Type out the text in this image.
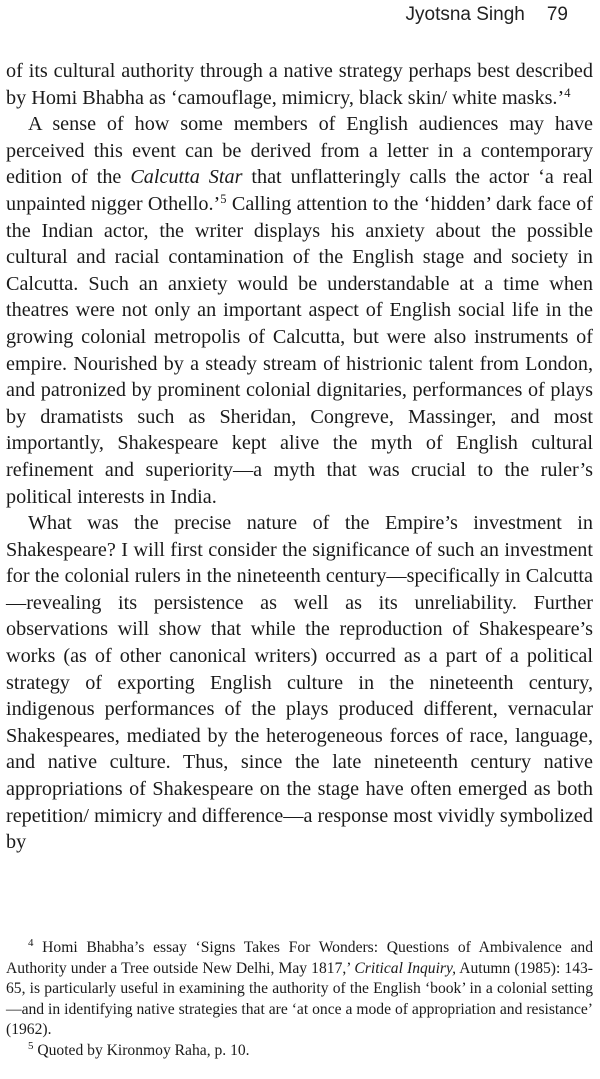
Jyotsna Singh 79

of its cultural authority through a native strategy perhaps best described by Homi Bhabha as ‘camouflage, mimicry, black skin/ white masks.’$^4$

A sense of how some members of English audiences may have perceived this event can be derived from a letter in a contemporary edition of the Calcutta Star that unflatteringly calls the actor ‘a real unpainted nigger Othello.’$^5$ Calling attention to the ‘hidden’ dark face of the Indian actor, the writer displays his anxiety about the possible cultural and racial contamination of the English stage and society in Calcutta. Such an anxiety would be understandable at a time when theatres were not only an important aspect of English social life in the growing colonial metropolis of Calcutta, but were also instruments of empire. Nourished by a steady stream of histrionic talent from London, and patronized by prominent colonial dignitaries, performances of plays by dramatists such as Sheridan, Congreve, Massinger, and most importantly, Shakespeare kept alive the myth of English cultural refinement and superiority—a myth that was crucial to the ruler’s political interests in India.

What was the precise nature of the Empire’s investment in Shakespeare? I will first consider the significance of such an investment for the colonial rulers in the nineteenth century—specifically in Calcutta—revealing its persistence as well as its unreliability. Further observations will show that while the reproduction of Shakespeare’s works (as of other canonical writers) occurred as a part of a political strategy of exporting English culture in the nineteenth century, indigenous performances of the plays produced different, vernacular Shakespeares, mediated by the heterogeneous forces of race, language, and native culture. Thus, since the late nineteenth century native appropriations of Shakespeare on the stage have often emerged as both repetition/ mimicry and difference—a response most vividly symbolized by

$^4$ Homi Bhabha’s essay ‘Signs Takes For Wonders: Questions of Ambivalence and Authority under a Tree outside New Delhi, May 1817,’ Critical Inquiry, Autumn (1985): 143-65, is particularly useful in examining the authority of the English ‘book’ in a colonial setting—and in identifying native strategies that are ‘at once a mode of appropriation and resistance’ (1962).

$^5$ Quoted by Kironmoy Raha, p. 10.
